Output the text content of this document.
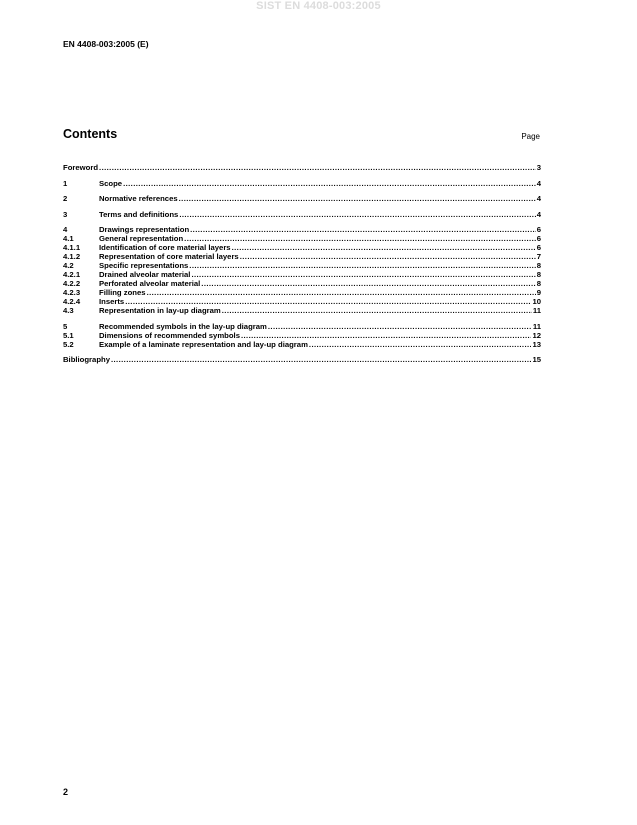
SIST EN 4408-003:2005
EN 4408-003:2005 (E)
Contents	Page
Foreword .....	3
1	Scope .....	4
2	Normative references .....	4
3	Terms and definitions .....	4
4	Drawings representation .....	6
4.1	General representation .....	6
4.1.1	Identification of core material layers .....	6
4.1.2	Representation of core material layers .....	7
4.2	Specific representations .....	8
4.2.1	Drained alveolar material .....	8
4.2.2	Perforated alveolar material .....	8
4.2.3	Filling zones .....	9
4.2.4	Inserts .....	10
4.3	Representation in lay-up diagram .....	11
5	Recommended symbols in the lay-up diagram .....	11
5.1	Dimensions of recommended symbols .....	12
5.2	Example of a laminate representation and lay-up diagram .....	13
Bibliography .....	15
2
